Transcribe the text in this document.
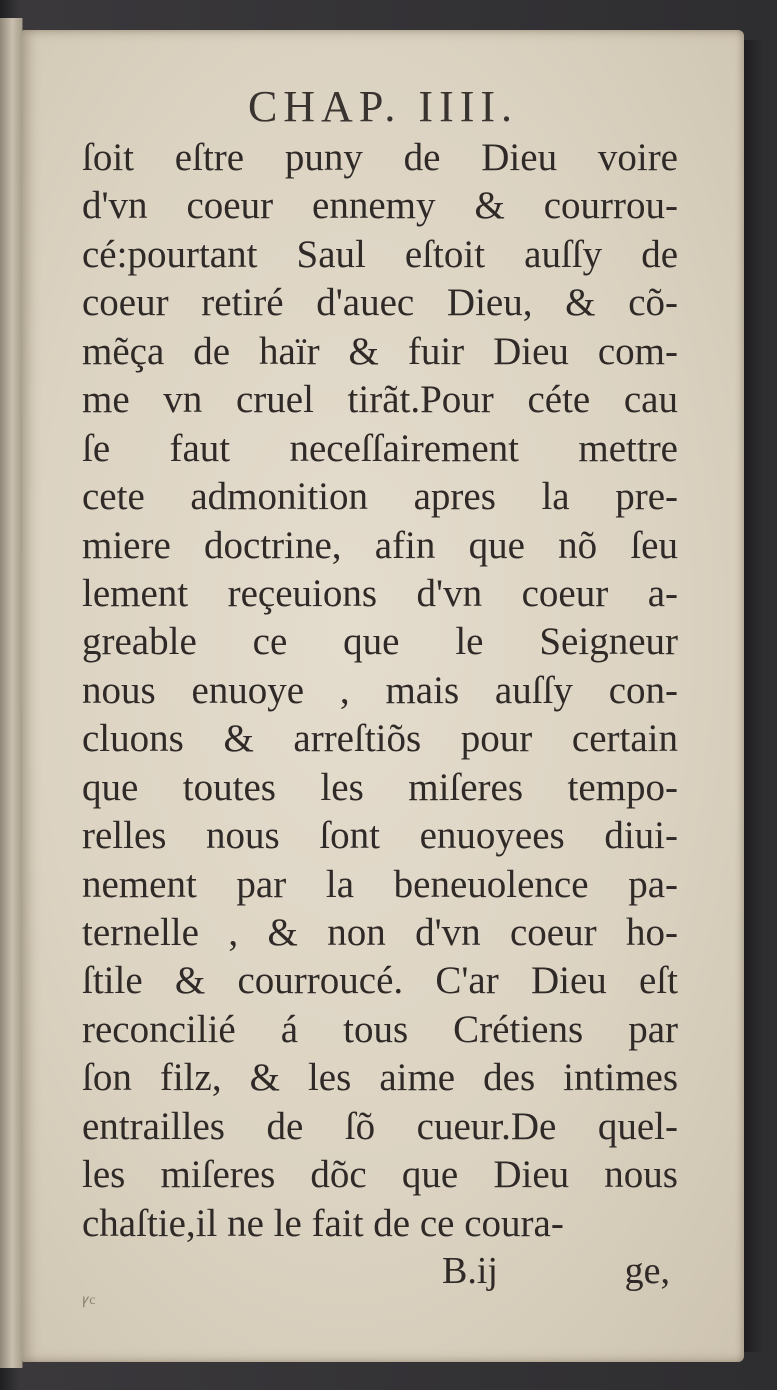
CHAP. IIII.
ſoit eſtre puny de Dieu voire
d'vn coeur ennemy & courrou-
cé:pourtant Saul eſtoit auſſy de
coeur retiré d'auec Dieu, & cõ-
mẽça de haïr & fuir Dieu com-
me vn cruel tirãt.Pour céte cau
ſe faut neceſſairement mettre
cete admonition apres la pre-
miere doctrine, afin que nõ ſeu
lement reçeuions d'vn coeur a-
greable ce que le Seigneur
nous enuoye , mais auſſy con-
cluons & arreſtiõs pour certain
que toutes les miſeres tempo-
relles nous ſont enuoyees diui-
nement par la beneuolence pa-
ternelle , & non d'vn coeur ho-
ſtile & courroucé. C'ar Dieu eſt
reconcilié á tous Crétiens par
ſon filz, & les aime des intimes
entrailles de ſõ cueur.De quel-
les miſeres dõc que Dieu nous
chaſtie,il ne le fait de ce coura-
B.ij	ge,
ꝩc
